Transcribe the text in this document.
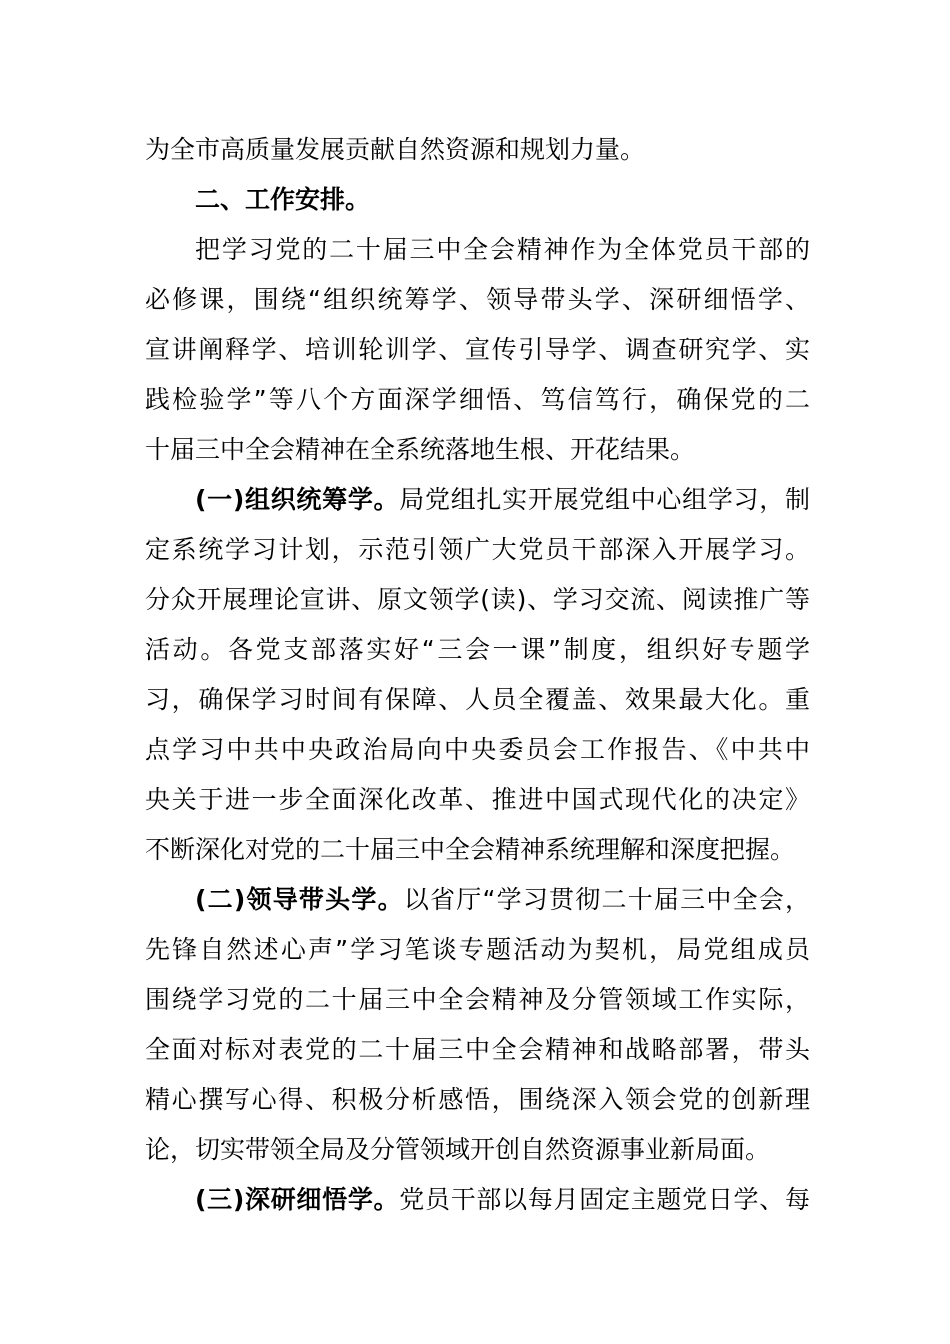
为全市高质量发展贡献自然资源和规划力量。
二、工作安排。
把学习党的二十届三中全会精神作为全体党员干部的
必修课，围绕“组织统筹学、领导带头学、深研细悟学、
宣讲阐释学、培训轮训学、宣传引导学、调查研究学、实
践检验学”等八个方面深学细悟、笃信笃行，确保党的二
十届三中全会精神在全系统落地生根、开花结果。
(一)组织统筹学。局党组扎实开展党组中心组学习，制
定系统学习计划，示范引领广大党员干部深入开展学习。
分众开展理论宣讲、原文领学(读)、学习交流、阅读推广等
活动。各党支部落实好“三会一课”制度，组织好专题学
习，确保学习时间有保障、人员全覆盖、效果最大化。重
点学习中共中央政治局向中央委员会工作报告、《中共中
央关于进一步全面深化改革、推进中国式现代化的决定》
不断深化对党的二十届三中全会精神系统理解和深度把握。
(二)领导带头学。以省厅“学习贯彻二十届三中全会，
先锋自然述心声”学习笔谈专题活动为契机，局党组成员
围绕学习党的二十届三中全会精神及分管领域工作实际，
全面对标对表党的二十届三中全会精神和战略部署，带头
精心撰写心得、积极分析感悟，围绕深入领会党的创新理
论，切实带领全局及分管领域开创自然资源事业新局面。
(三)深研细悟学。党员干部以每月固定主题党日学、每
